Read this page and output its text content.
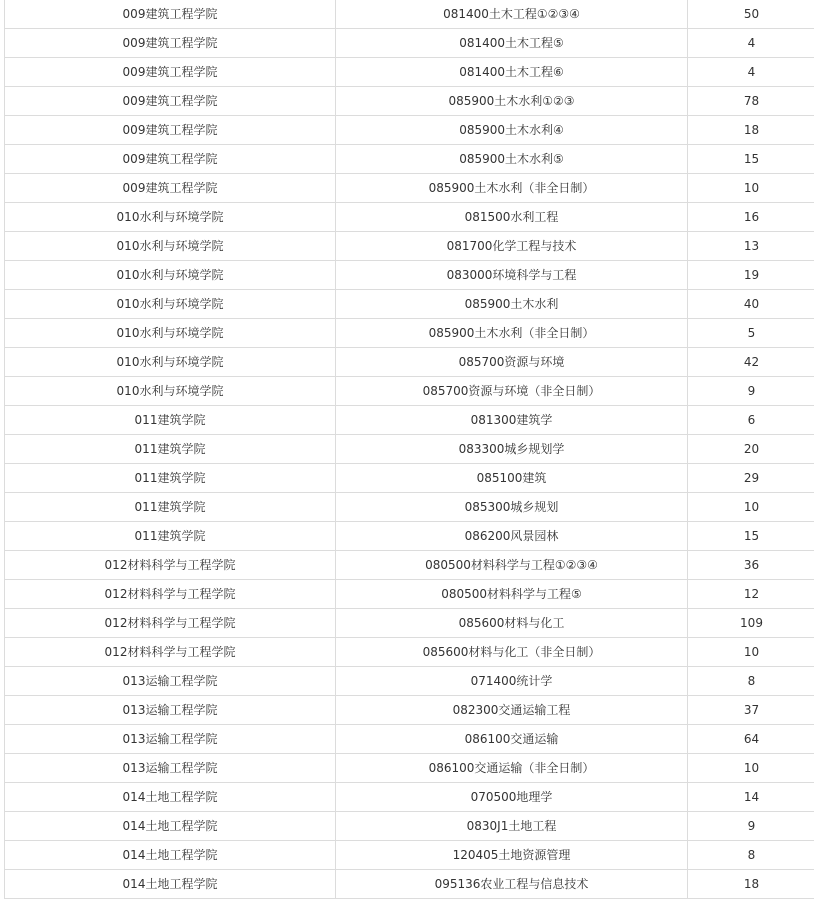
009建筑工程学院	081400土木工程①②③④	50
009建筑工程学院	081400土木工程⑤	4
009建筑工程学院	081400土木工程⑥	4
009建筑工程学院	085900土木水利①②③	78
009建筑工程学院	085900土木水利④	18
009建筑工程学院	085900土木水利⑤	15
009建筑工程学院	085900土木水利（非全日制）	10
010水利与环境学院	081500水利工程	16
010水利与环境学院	081700化学工程与技术	13
010水利与环境学院	083000环境科学与工程	19
010水利与环境学院	085900土木水利	40
010水利与环境学院	085900土木水利（非全日制）	5
010水利与环境学院	085700资源与环境	42
010水利与环境学院	085700资源与环境（非全日制）	9
011建筑学院	081300建筑学	6
011建筑学院	083300城乡规划学	20
011建筑学院	085100建筑	29
011建筑学院	085300城乡规划	10
011建筑学院	086200风景园林	15
012材料科学与工程学院	080500材料科学与工程①②③④	36
012材料科学与工程学院	080500材料科学与工程⑤	12
012材料科学与工程学院	085600材料与化工	109
012材料科学与工程学院	085600材料与化工（非全日制）	10
013运输工程学院	071400统计学	8
013运输工程学院	082300交通运输工程	37
013运输工程学院	086100交通运输	64
013运输工程学院	086100交通运输（非全日制）	10
014土地工程学院	070500地理学	14
014土地工程学院	0830J1土地工程	9
014土地工程学院	120405土地资源管理	8
014土地工程学院	095136农业工程与信息技术	18
